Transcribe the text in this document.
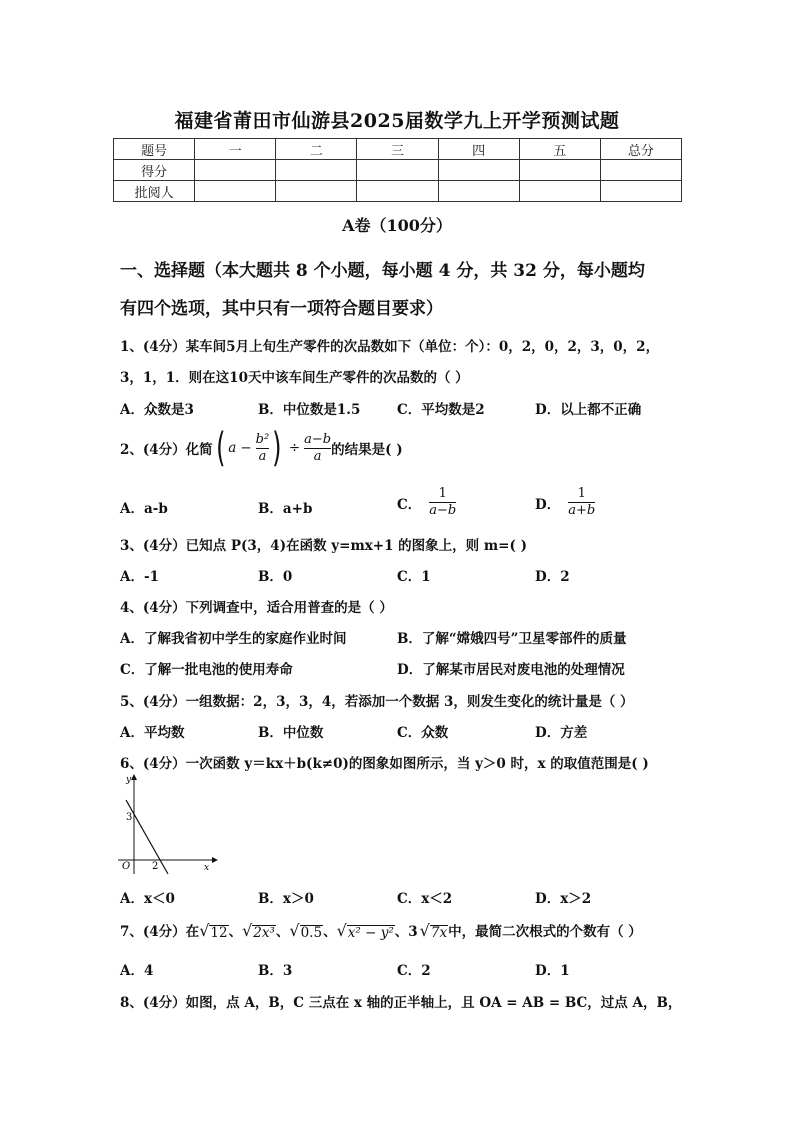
福建省莆田市仙游县2025届数学九上开学预测试题
题号	一	二	三	四	五	总分
得分						
批阅人						
A卷（100分）
一、选择题（本大题共 8 个小题，每小题 4 分，共 32 分，每小题均
有四个选项，其中只有一项符合题目要求）
1、(4分）某车间5月上旬生产零件的次品数如下（单位：个）：0，2，0，2，3，0，2，
3，1，1．则在这10天中该车间生产零件的次品数的（ ）
A．众数是3	B．中位数是1.5	C．平均数是2	D．以上都不正确
2、(4分）化简 ( $a - \frac{\text{b²}}{a}$ ) ÷ $\frac{a-b}{a}$ 的结果是( )
A．a-b	B．a+b	C． $\frac{1}{a-b}$	D． $\frac{1}{a+b}$
3、(4分）已知点 P(3，4)在函数 y=mx+1 的图象上，则 m=( )
A．-1	B．0	C．1	D．2
4、(4分）下列调查中，适合用普查的是（ ）
A．了解我省初中学生的家庭作业时间	B．了解“嫦娥四号”卫星零部件的质量
C．了解一批电池的使用寿命	D．了解某市居民对废电池的处理情况
5、(4分）一组数据：2，3，3，4，若添加一个数据 3，则发生变化的统计量是（ ）
A．平均数	B．中位数	C．众数	D．方差
6、(4分）一次函数 y＝kx＋b(k≠0)的图象如图所示，当 y＞0 时，x 的取值范围是( )
y
x
O
3
2
A．x＜0	B．x＞0	C．x＜2	D．x＞2
7、(4分）在 √ 12 、 √ 2x³ 、 √ 0.5 、 √ x² − y² 、 3 √ 7x 中，最简二次根式的个数有（ ）
A．4	B．3	C．2	D．1
8、(4分）如图，点 A，B，C 三点在 x 轴的正半轴上，且 OA = AB = BC，过点 A，B，
